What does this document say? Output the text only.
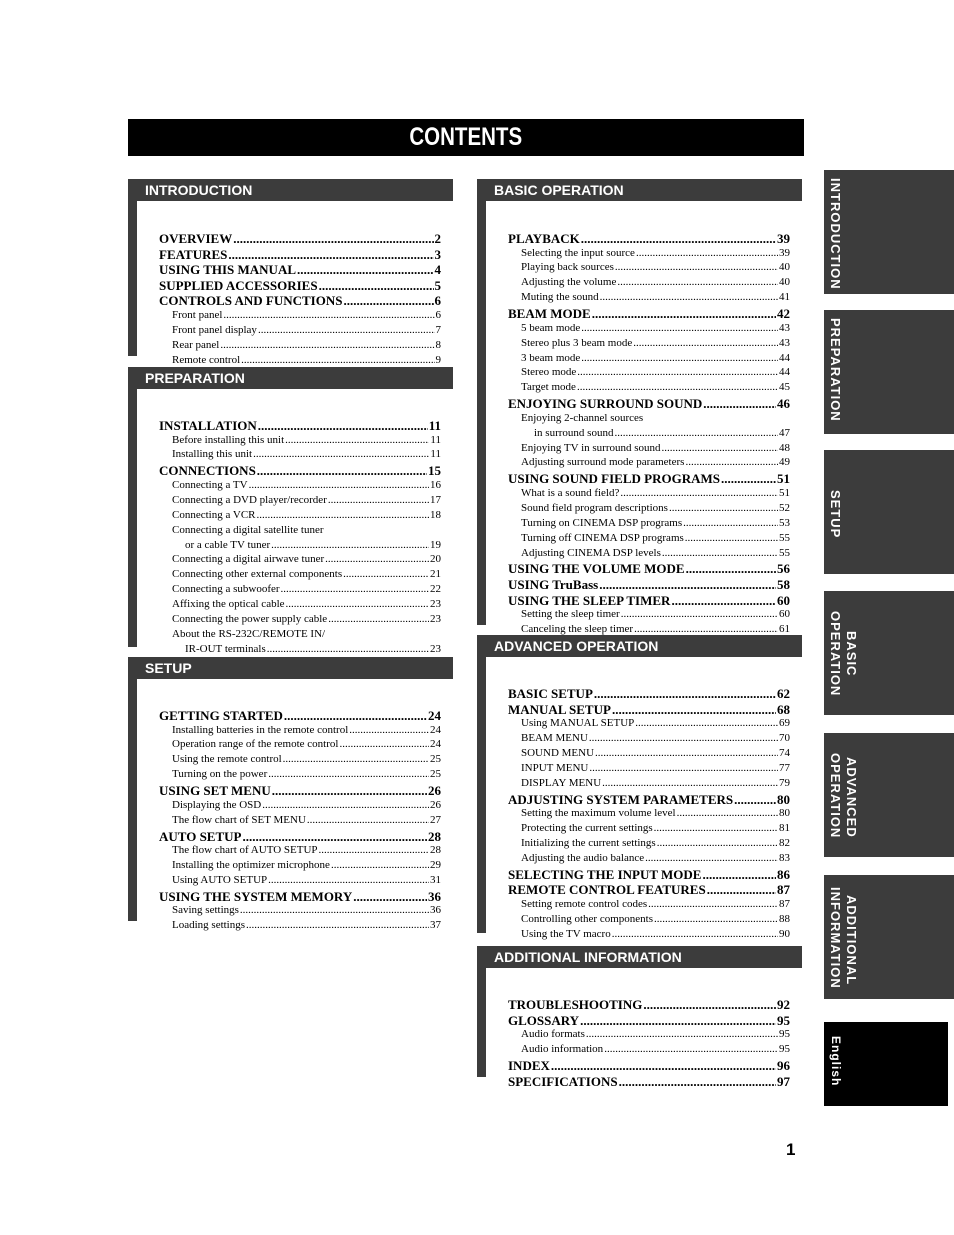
CONTENTS
INTRODUCTION
OVERVIEW .....	2
FEATURES .....	3
USING THIS MANUAL .....	4
SUPPLIED ACCESSORIES .....	5
CONTROLS AND FUNCTIONS .....	6
Front panel .....	6
Front panel display .....	7
Rear panel .....	8
Remote control .....	9
PREPARATION
INSTALLATION .....	11
Before installing this unit .....	11
Installing this unit .....	11
CONNECTIONS .....	15
Connecting a TV .....	16
Connecting a DVD player/recorder .....	17
Connecting a VCR .....	18
Connecting a digital satellite tuner
or a cable TV tuner .....	19
Connecting a digital airwave tuner .....	20
Connecting other external components .....	21
Connecting a subwoofer .....	22
Affixing the optical cable .....	23
Connecting the power supply cable .....	23
About the RS-232C/REMOTE IN/
IR-OUT terminals .....	23
SETUP
GETTING STARTED .....	24
Installing batteries in the remote control .....	24
Operation range of the remote control .....	24
Using the remote control .....	25
Turning on the power .....	25
USING SET MENU .....	26
Displaying the OSD .....	26
The flow chart of SET MENU .....	27
AUTO SETUP .....	28
The flow chart of AUTO SETUP .....	28
Installing the optimizer microphone .....	29
Using AUTO SETUP .....	31
USING THE SYSTEM MEMORY .....	36
Saving settings .....	36
Loading settings .....	37
BASIC OPERATION
PLAYBACK .....	39
Selecting the input source .....	39
Playing back sources .....	40
Adjusting the volume .....	40
Muting the sound .....	41
BEAM MODE .....	42
5 beam mode .....	43
Stereo plus 3 beam mode .....	43
3 beam mode .....	44
Stereo mode .....	44
Target mode .....	45
ENJOYING SURROUND SOUND .....	46
Enjoying 2-channel sources
in surround sound .....	47
Enjoying TV in surround sound .....	48
Adjusting surround mode parameters .....	49
USING SOUND FIELD PROGRAMS .....	51
What is a sound field? .....	51
Sound field program descriptions .....	52
Turning on CINEMA DSP programs .....	53
Turning off CINEMA DSP programs .....	55
Adjusting CINEMA DSP levels .....	55
USING THE VOLUME MODE .....	56
USING TruBass .....	58
USING THE SLEEP TIMER .....	60
Setting the sleep timer .....	60
Canceling the sleep timer .....	61
ADVANCED OPERATION
BASIC SETUP .....	62
MANUAL SETUP .....	68
Using MANUAL SETUP .....	69
BEAM MENU .....	70
SOUND MENU .....	74
INPUT MENU .....	77
DISPLAY MENU .....	79
ADJUSTING SYSTEM PARAMETERS .....	80
Setting the maximum volume level .....	80
Protecting the current settings .....	81
Initializing the current settings .....	82
Adjusting the audio balance .....	83
SELECTING THE INPUT MODE .....	86
REMOTE CONTROL FEATURES .....	87
Setting remote control codes .....	87
Controlling other components .....	88
Using the TV macro .....	90
ADDITIONAL INFORMATION
TROUBLESHOOTING .....	92
GLOSSARY .....	95
Audio formats .....	95
Audio information .....	95
INDEX .....	96
SPECIFICATIONS .....	97
INTRODUCTION
PREPARATION
SETUP
OPERATION BASIC
OPERATION ADVANCED
INFORMATION ADDITIONAL
English
1
